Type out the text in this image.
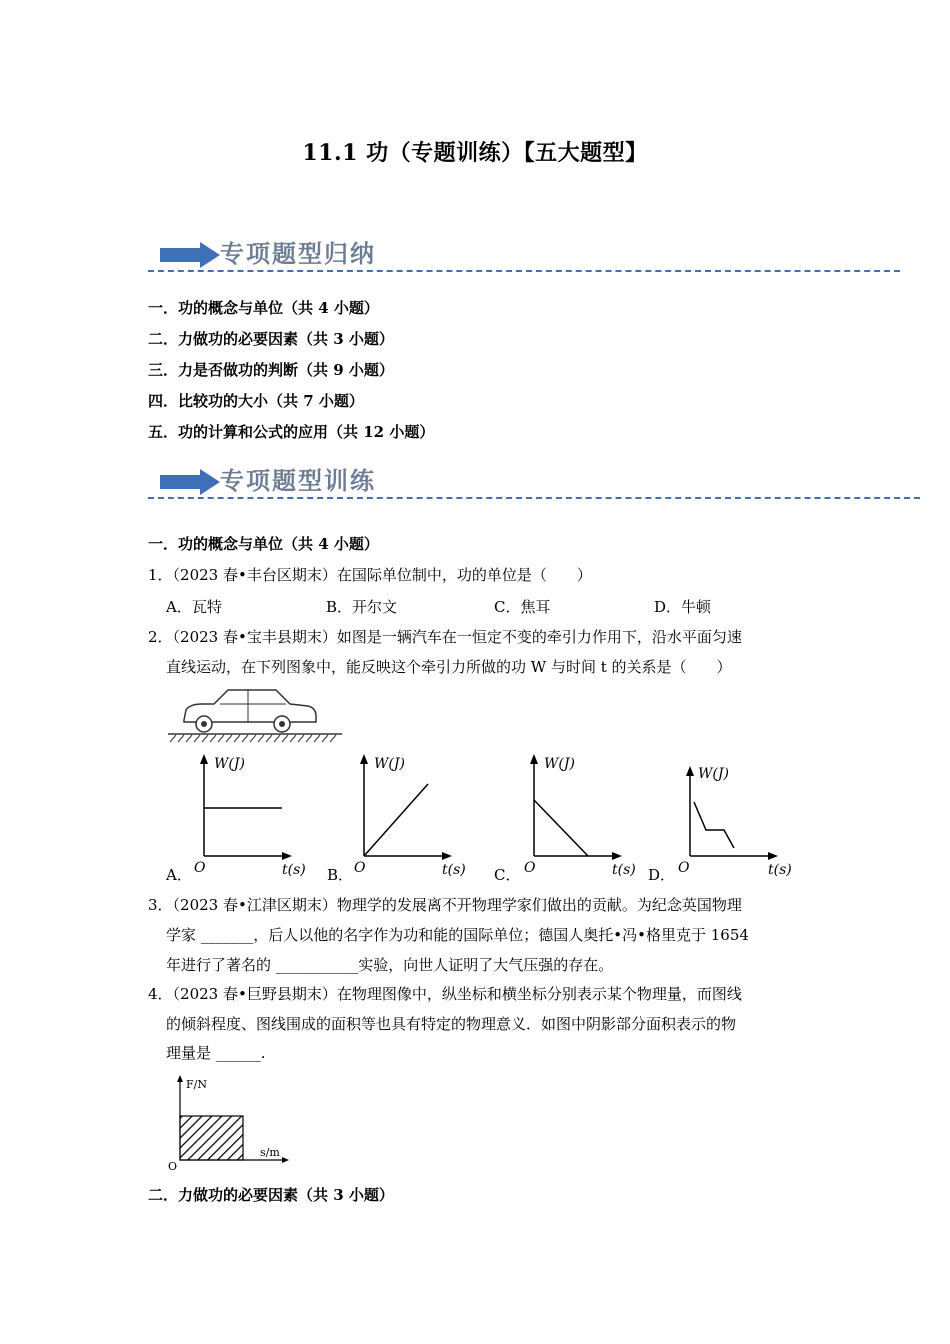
11.1 功（专题训练）【五大题型】
专项题型归纳
一．功的概念与单位（共 4 小题）
二．力做功的必要因素（共 3 小题）
三．力是否做功的判断（共 9 小题）
四．比较功的大小（共 7 小题）
五．功的计算和公式的应用（共 12 小题）
专项题型训练
一．功的概念与单位（共 4 小题）
1．（2023 春•丰台区期末）在国际单位制中，功的单位是（　　）
A．瓦特	B．开尔文	C．焦耳	D．牛顿
2．（2023 春•宝丰县期末）如图是一辆汽车在一恒定不变的牵引力作用下，沿水平面匀速
直线运动，在下列图象中，能反映这个牵引力所做的功 W 与时间 t 的关系是（　　）
A．
W(J)
t(s)
O	B．
W(J)
t(s)
O	C．
W(J)
t(s)
O	D．
W(J)
t(s)
O
3．（2023 春•江津区期末）物理学的发展离不开物理学家们做出的贡献。为纪念英国物理
学家 _______，后人以他的名字作为功和能的国际单位；德国人奥托•冯•格里克于 1654
年进行了著名的 ___________实验，向世人证明了大气压强的存在。
4．（2023 春•巨野县期末）在物理图像中，纵坐标和横坐标分别表示某个物理量，而图线
的倾斜程度、图线围成的面积等也具有特定的物理意义．如图中阴影部分面积表示的物
理量是 ______.
F/N
s/m
O
二．力做功的必要因素（共 3 小题）
